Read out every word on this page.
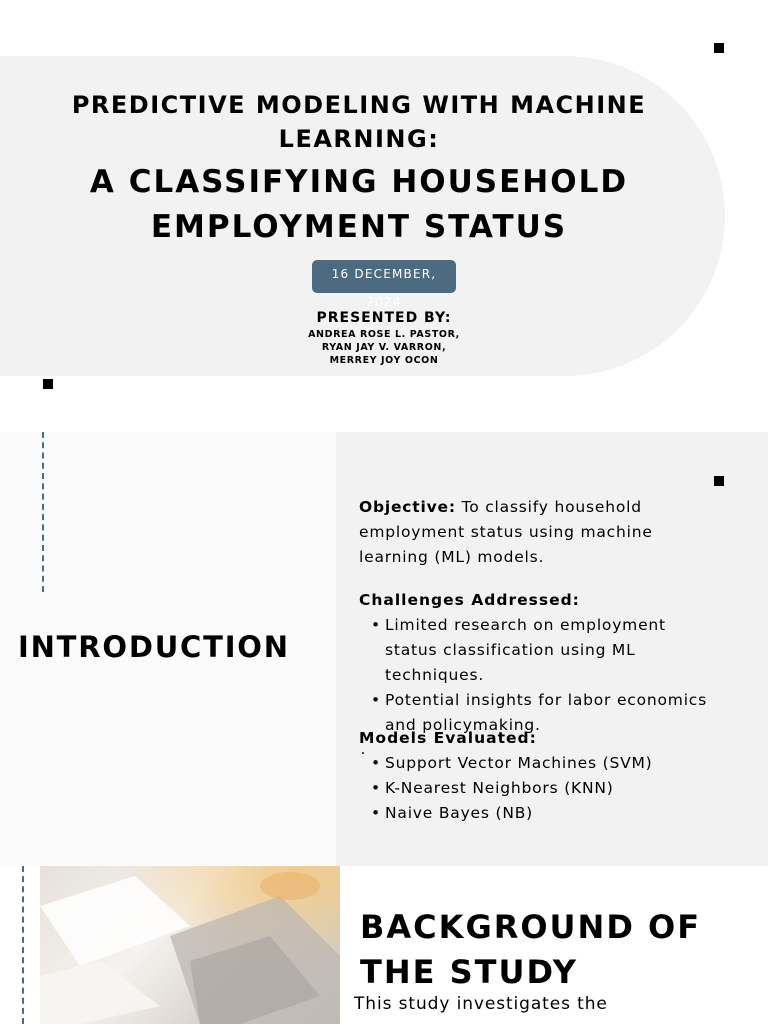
PREDICTIVE MODELING WITH MACHINE
LEARNING:
A CLASSIFYING HOUSEHOLD
EMPLOYMENT STATUS
16 DECEMBER, 2024
PRESENTED BY:
ANDREA ROSE L. PASTOR,
RYAN JAY V. VARRON,
MERREY JOY OCON
INTRODUCTION
Objective: To classify household employment status using machine learning (ML) models.
Challenges Addressed:
• Limited research on employment status classification using ML techniques.
• Potential insights for labor economics and policymaking.
Models Evaluated:
• Support Vector Machines (SVM)
• K-Nearest Neighbors (KNN)
• Naive Bayes (NB)
BACKGROUND OF
THE STUDY
This study investigates the
